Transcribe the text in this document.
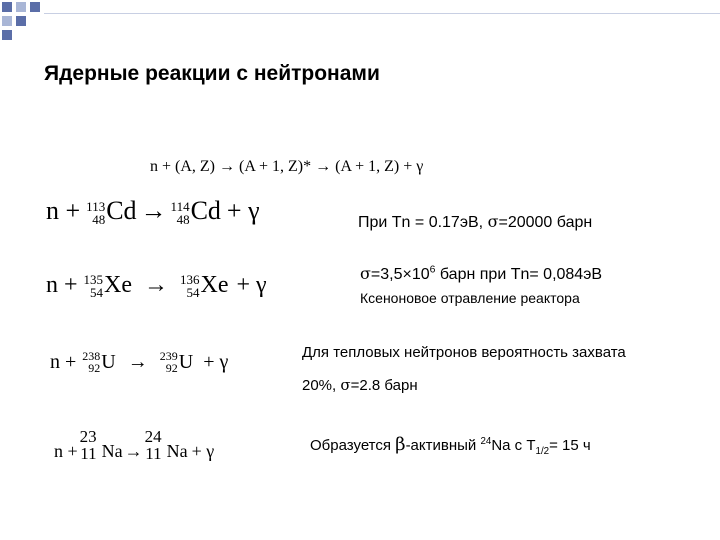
Ядерные реакции с нейтронами
n + (A, Z) → (A + 1, Z)* → (A + 1, Z) + γ
n + 113
48 Cd → 114
48 Cd + γ	При Tn = 0.17эВ, σ=20000 барн
n + 135
54 Xe → 136
54 Xe + γ	$\sigma=3,5\times 10^6$ барн при Tn= 0,084эВ
Ксеноновое отравление реактора
n + 238
92 U → 239
92 U + γ	Для тепловых нейтронов вероятность захвата
20%, σ=2.8 барн
n +
23
11 Na →
24
11 Na + γ	Образуется β-активный $^{24}$Na с $T_{1/2}= 15$ ч
